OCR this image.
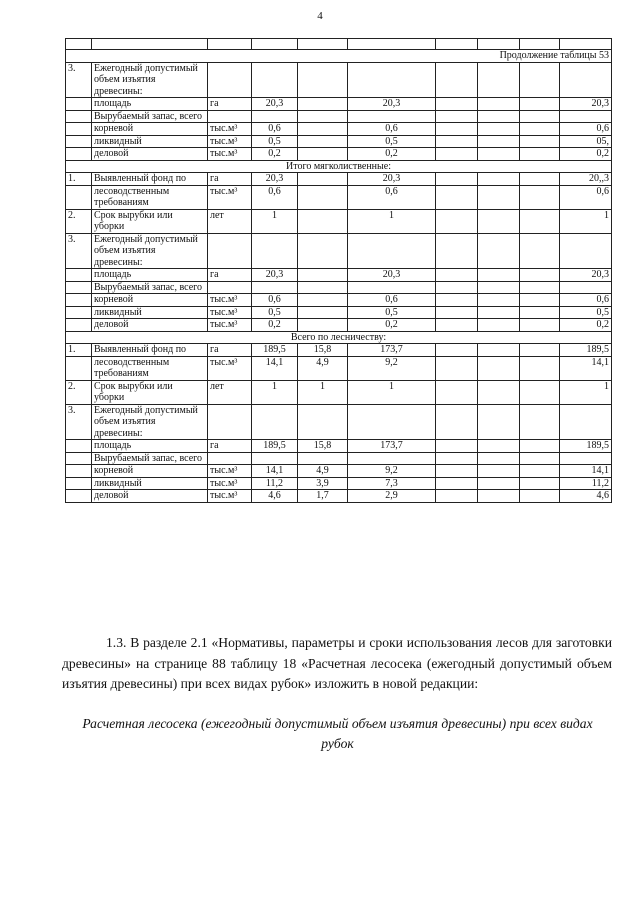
4

Продолжение таблицы 53									
3.	Ежегодный допустимый объем изъятия древесины:								
	площадь	га	20,3		20,3				20,3
	Вырубаемый запас, всего								
	корневой	тыс.м³	0,6		0,6				0,6
	ликвидный	тыс.м³	0,5		0,5				05,
	деловой	тыс.м³	0,2		0,2				0,2
Итого мягколиственные:									
1.	Выявленный фонд по	га	20,3		20,3				20,,3
	лесоводственным требованиям	тыс.м³	0,6		0,6				0,6
2.	Срок вырубки или уборки	лет	1		1				1
3.	Ежегодный допустимый объем изъятия древесины:								
	площадь	га	20,3		20,3				20,3
	Вырубаемый запас, всего								
	корневой	тыс.м³	0,6		0,6				0,6
	ликвидный	тыс.м³	0,5		0,5				0,5
	деловой	тыс.м³	0,2		0,2				0,2
Всего по лесничеству:									
1.	Выявленный фонд по	га	189,5	15,8	173,7				189,5
	лесоводственным требованиям	тыс.м³	14,1	4,9	9,2				14,1
2.	Срок вырубки или уборки	лет	1	1	1				1
3.	Ежегодный допустимый объем изъятия древесины:								
	площадь	га	189,5	15,8	173,7				189,5
	Вырубаемый запас, всего								
	корневой	тыс.м³	14,1	4,9	9,2				14,1
	ликвидный	тыс.м³	11,2	3,9	7,3				11,2
	деловой	тыс.м³	4,6	1,7	2,9				4,6
1.3. В разделе 2.1 «Нормативы, параметры и сроки использования лесов для заготовки древесины» на странице 88 таблицу 18 «Расчетная лесосека (ежегодный допустимый объем изъятия древесины) при всех видах рубок» изложить в новой редакции:
Расчетная лесосека (ежегодный допустимый объем изъятия древесины) при всех видах рубок
